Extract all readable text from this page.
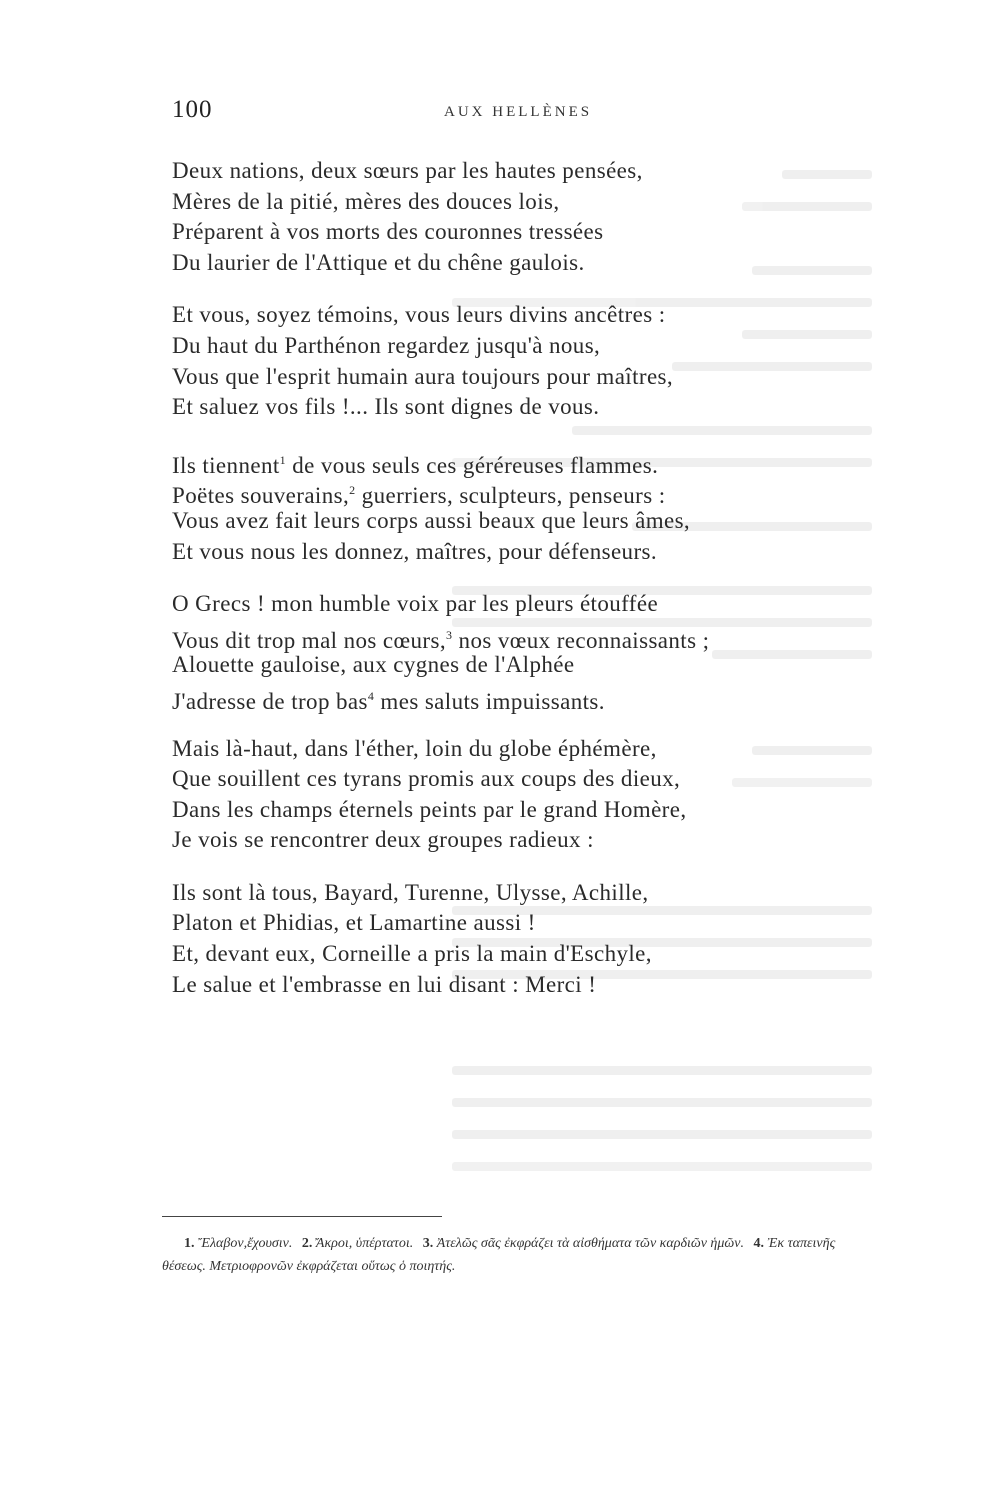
100	AUX HELLÈNES
Deux nations, deux sœurs par les hautes pensées,
Mères de la pitié, mères des douces lois,
Préparent à vos morts des couronnes tressées
Du laurier de l'Attique et du chêne gaulois.
Et vous, soyez témoins, vous leurs divins ancêtres :
Du haut du Parthénon regardez jusqu'à nous,
Vous que l'esprit humain aura toujours pour maîtres,
Et saluez vos fils !... Ils sont dignes de vous.
Ils tiennent$^1$ de vous seuls ces géréreuses flammes.
Poëtes souverains,$^2$ guerriers, sculpteurs, penseurs :
Vous avez fait leurs corps aussi beaux que leurs âmes,
Et vous nous les donnez, maîtres, pour défenseurs.
O Grecs ! mon humble voix par les pleurs étouffée
Vous dit trop mal nos cœurs,$^3$ nos vœux reconnaissants ;
Alouette gauloise, aux cygnes de l'Alphée
J'adresse de trop bas$^4$ mes saluts impuissants.
Mais là-haut, dans l'éther, loin du globe éphémère,
Que souillent ces tyrans promis aux coups des dieux,
Dans les champs éternels peints par le grand Homère,
Je vois se rencontrer deux groupes radieux :
Ils sont là tous, Bayard, Turenne, Ulysse, Achille,
Platon et Phidias, et Lamartine aussi !
Et, devant eux, Corneille a pris la main d'Eschyle,
Le salue et l'embrasse en lui disant : Merci !
1. Ἔλαβον,ἔχουσιν. 2. Ἄκροι, ὑπέρτατοι. 3. Ἀτελῶς σᾶς ἐκφράζει τὰ αἰσθήματα τῶν καρδιῶν ἡμῶν. 4. Ἐκ ταπεινῆς θέσεως. Μετριοφρονῶν ἐκφράζεται οὕτως ὁ ποιητής.
